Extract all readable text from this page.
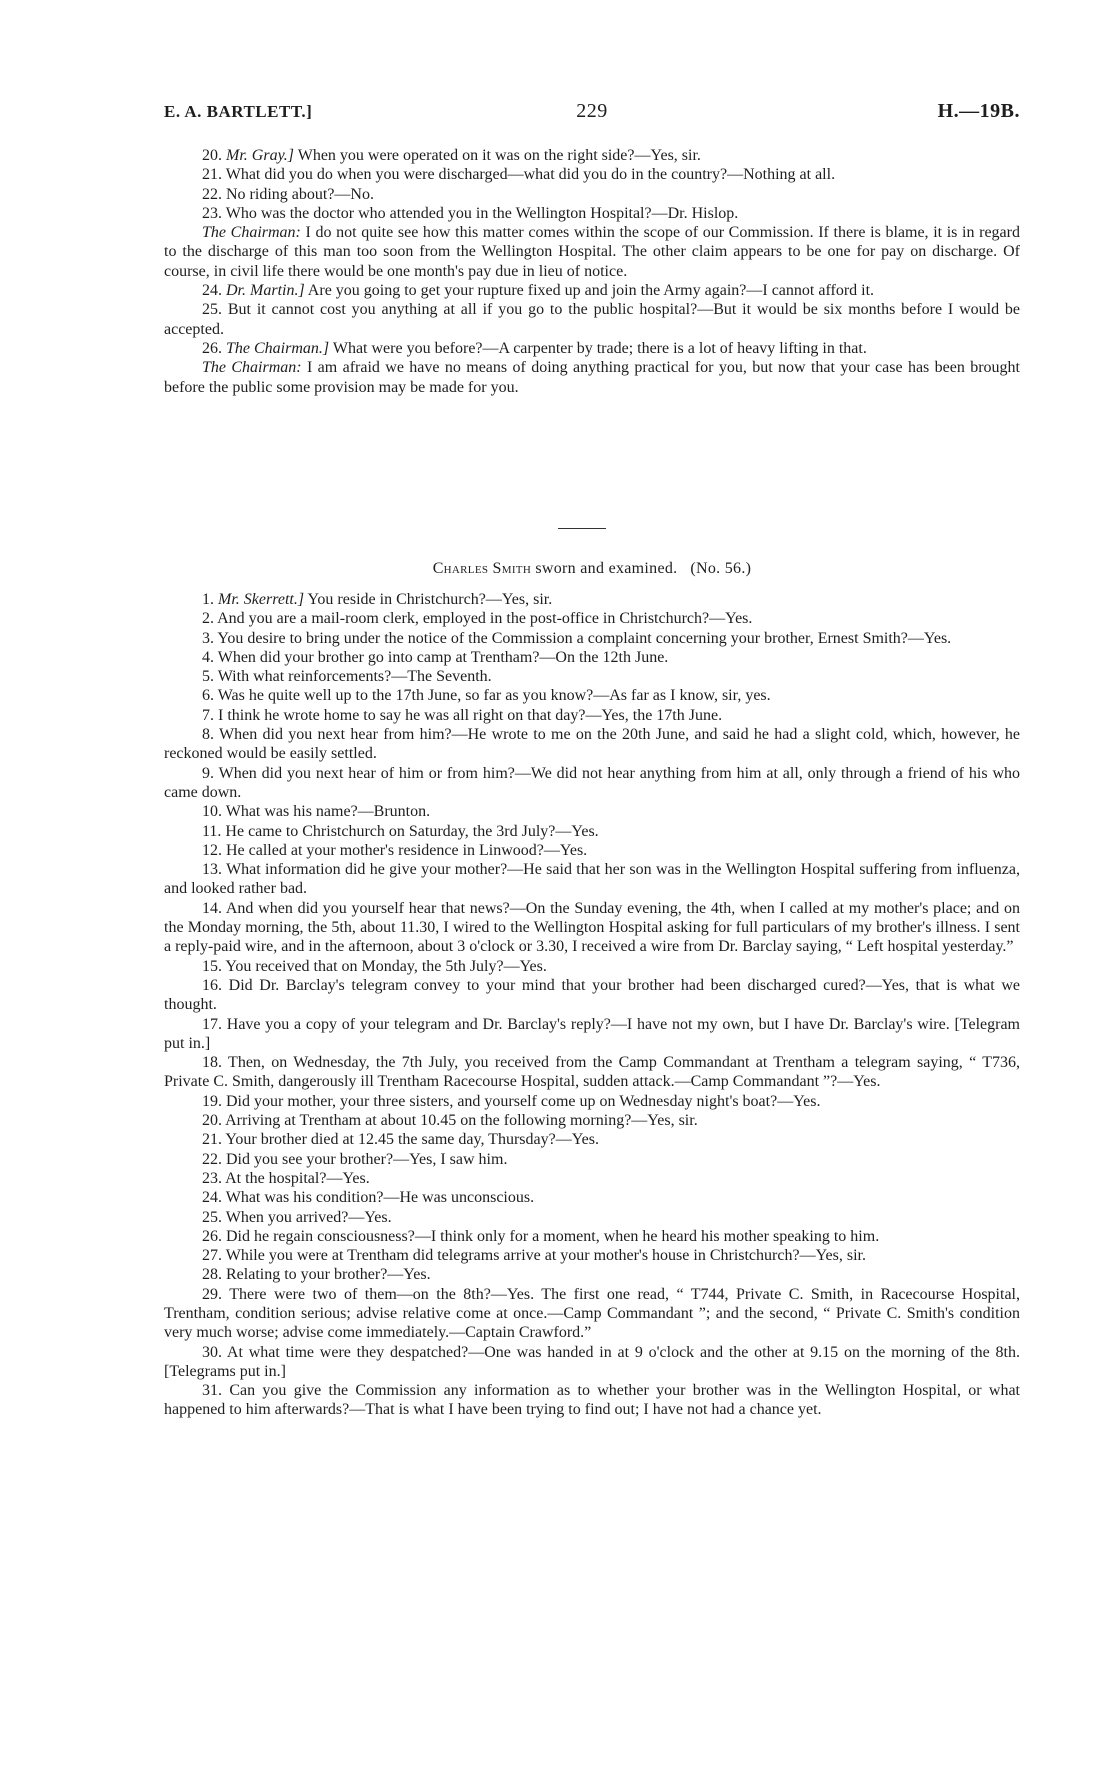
E. A. BARTLETT.]	229	H.—19B.

20. Mr. Gray.] When you were operated on it was on the right side?—Yes, sir.

21. What did you do when you were discharged—what did you do in the country?—Nothing at all.

22. No riding about?—No.

23. Who was the doctor who attended you in the Wellington Hospital?—Dr. Hislop.

The Chairman: I do not quite see how this matter comes within the scope of our Commission. If there is blame, it is in regard to the discharge of this man too soon from the Wellington Hospital. The other claim appears to be one for pay on discharge. Of course, in civil life there would be one month's pay due in lieu of notice.

24. Dr. Martin.] Are you going to get your rupture fixed up and join the Army again?—I cannot afford it.

25. But it cannot cost you anything at all if you go to the public hospital?—But it would be six months before I would be accepted.

26. The Chairman.] What were you before?—A carpenter by trade; there is a lot of heavy lifting in that.

The Chairman: I am afraid we have no means of doing anything practical for you, but now that your case has been brought before the public some provision may be made for you.

Charles Smith sworn and examined. (No. 56.)

1. Mr. Skerrett.] You reside in Christchurch?—Yes, sir.

2. And you are a mail-room clerk, employed in the post-office in Christchurch?—Yes.

3. You desire to bring under the notice of the Commission a complaint concerning your brother, Ernest Smith?—Yes.

4. When did your brother go into camp at Trentham?—On the 12th June.

5. With what reinforcements?—The Seventh.

6. Was he quite well up to the 17th June, so far as you know?—As far as I know, sir, yes.

7. I think he wrote home to say he was all right on that day?—Yes, the 17th June.

8. When did you next hear from him?—He wrote to me on the 20th June, and said he had a slight cold, which, however, he reckoned would be easily settled.

9. When did you next hear of him or from him?—We did not hear anything from him at all, only through a friend of his who came down.

10. What was his name?—Brunton.

11. He came to Christchurch on Saturday, the 3rd July?—Yes.

12. He called at your mother's residence in Linwood?—Yes.

13. What information did he give your mother?—He said that her son was in the Wellington Hospital suffering from influenza, and looked rather bad.

14. And when did you yourself hear that news?—On the Sunday evening, the 4th, when I called at my mother's place; and on the Monday morning, the 5th, about 11.30, I wired to the Wellington Hospital asking for full particulars of my brother's illness. I sent a reply-paid wire, and in the afternoon, about 3 o'clock or 3.30, I received a wire from Dr. Barclay saying, “ Left hospital yesterday.”

15. You received that on Monday, the 5th July?—Yes.

16. Did Dr. Barclay's telegram convey to your mind that your brother had been discharged cured?—Yes, that is what we thought.

17. Have you a copy of your telegram and Dr. Barclay's reply?—I have not my own, but I have Dr. Barclay's wire. [Telegram put in.]

18. Then, on Wednesday, the 7th July, you received from the Camp Commandant at Trentham a telegram saying, “ T736, Private C. Smith, dangerously ill Trentham Racecourse Hospital, sudden attack.—Camp Commandant ”?—Yes.

19. Did your mother, your three sisters, and yourself come up on Wednesday night's boat?—Yes.

20. Arriving at Trentham at about 10.45 on the following morning?—Yes, sir.

21. Your brother died at 12.45 the same day, Thursday?—Yes.

22. Did you see your brother?—Yes, I saw him.

23. At the hospital?—Yes.

24. What was his condition?—He was unconscious.

25. When you arrived?—Yes.

26. Did he regain consciousness?—I think only for a moment, when he heard his mother speaking to him.

27. While you were at Trentham did telegrams arrive at your mother's house in Christchurch?—Yes, sir.

28. Relating to your brother?—Yes.

29. There were two of them—on the 8th?—Yes. The first one read, “ T744, Private C. Smith, in Racecourse Hospital, Trentham, condition serious; advise relative come at once.—Camp Commandant ”; and the second, “ Private C. Smith's condition very much worse; advise come immediately.—Captain Crawford.”

30. At what time were they despatched?—One was handed in at 9 o'clock and the other at 9.15 on the morning of the 8th. [Telegrams put in.]

31. Can you give the Commission any information as to whether your brother was in the Wellington Hospital, or what happened to him afterwards?—That is what I have been trying to find out; I have not had a chance yet.
